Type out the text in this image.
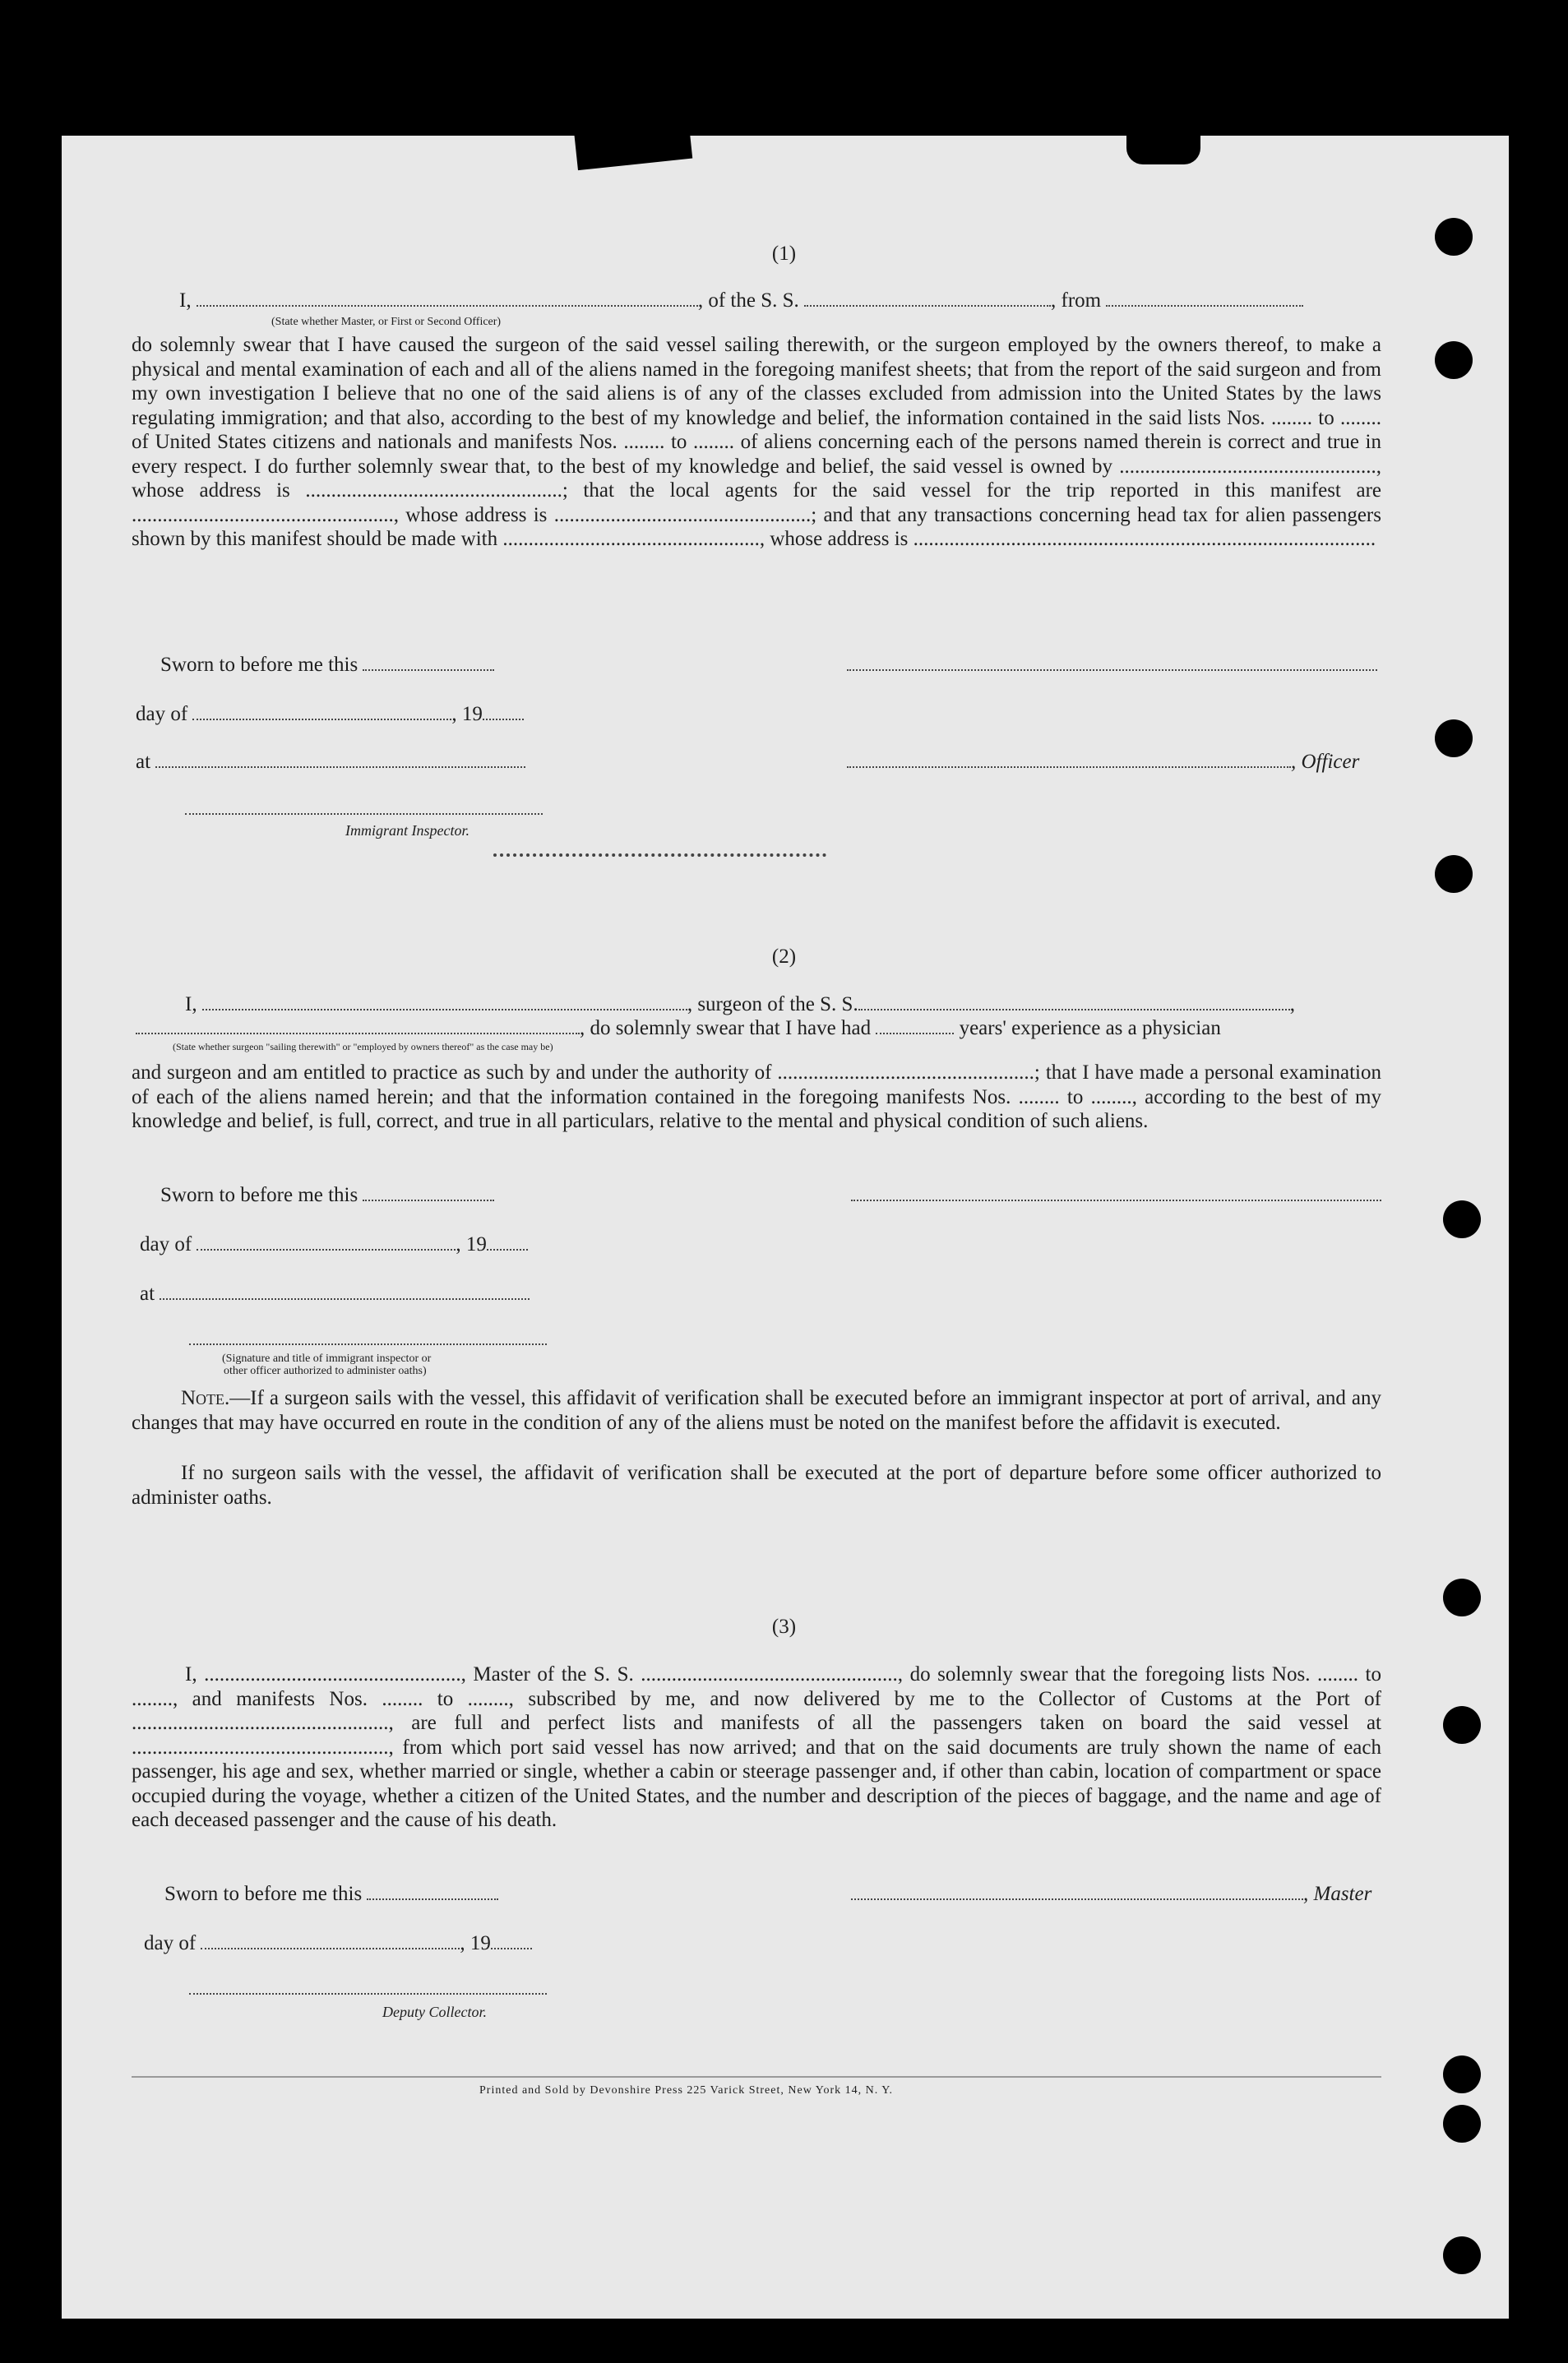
(1)
I,	, of the S. S.	, from
(State whether Master, or First or Second Officer)
do solemnly swear that I have caused the surgeon of the said vessel sailing therewith, or the surgeon employed by the owners thereof, to make a physical and mental examination of each and all of the aliens named in the foregoing manifest sheets; that from the report of the said surgeon and from my own investigation I believe that no one of the said aliens is of any of the classes excluded from admission into the United States by the laws regulating immigration; and that also, according to the best of my knowledge and belief, the information contained in the said lists Nos. ........ to ........ of United States citizens and nationals and manifests Nos. ........ to ........ of aliens concerning each of the persons named therein is correct and true in every respect. I do further solemnly swear that, to the best of my knowledge and belief, the said vessel is owned by .................................................., whose address is ..................................................; that the local agents for the said vessel for the trip reported in this manifest are ..................................................., whose address is ..................................................; and that any transactions concerning head tax for alien passengers shown by this manifest should be made with .................................................., whose address is ..........................................................................................
Sworn to before me this
day of	, 19
at	, Officer
Immigrant Inspector.
(2)
I,	, surgeon of the S. S.	,
, do solemnly swear that I have had	years' experience as a physician
(State whether surgeon "sailing therewith" or "employed by owners thereof" as the case may be)
and surgeon and am entitled to practice as such by and under the authority of ..................................................; that I have made a personal examination of each of the aliens named herein; and that the information contained in the foregoing manifests Nos. ........ to ........, according to the best of my knowledge and belief, is full, correct, and true in all particulars, relative to the mental and physical condition of such aliens.
Sworn to before me this
day of	, 19
at
(Signature and title of immigrant inspector or
other officer authorized to administer oaths)
Note.—If a surgeon sails with the vessel, this affidavit of verification shall be executed before an immigrant inspector at port of arrival, and any changes that may have occurred en route in the condition of any of the aliens must be noted on the manifest before the affidavit is executed.
If no surgeon sails with the vessel, the affidavit of verification shall be executed at the port of departure before some officer authorized to administer oaths.
(3)
I, .................................................., Master of the S. S. .................................................., do solemnly swear that the foregoing lists Nos. ........ to ........, and manifests Nos. ........ to ........, subscribed by me, and now delivered by me to the Collector of Customs at the Port of .................................................., are full and perfect lists and manifests of all the passengers taken on board the said vessel at .................................................., from which port said vessel has now arrived; and that on the said documents are truly shown the name of each passenger, his age and sex, whether married or single, whether a cabin or steerage passenger and, if other than cabin, location of compartment or space occupied during the voyage, whether a citizen of the United States, and the number and description of the pieces of baggage, and the name and age of each deceased passenger and the cause of his death.
Sworn to before me this	, Master
day of	, 19
Deputy Collector.
Printed and Sold by Devonshire Press 225 Varick Street, New York 14, N. Y.
